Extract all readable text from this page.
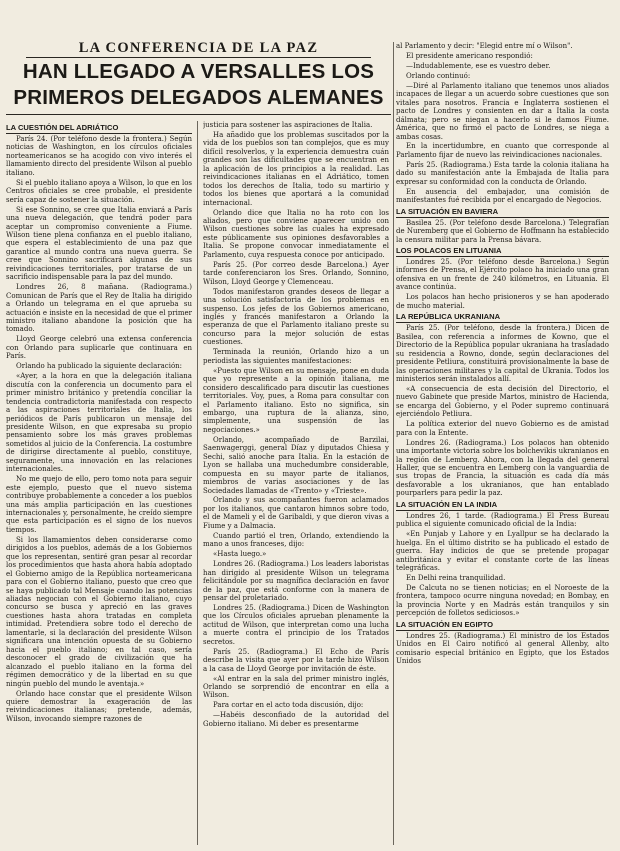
LA CONFERENCIA DE LA PAZ
HAN LLEGADO A VERSALLES LOS
PRIMEROS DELEGADOS ALEMANES
LA CUESTIÓN DEL ADRIÁTICO

París 24. (Por teléfono desde la frontera.) Según noticias de Washington, en los círculos oficiales norteamericanos se ha acogido con vivo interés el llamamiento directo del presidente Wilson al pueblo italiano.

Si el pueblo italiano apoya a Wilson, lo que en los Centros oficiales se cree probable, el presidente sería capaz de sostener la situación.

Si ese Sonnino, se cree que Italia enviará a París una nueva delegación, que tendrá poder para aceptar un compromiso conveniente a Fiume. Wilson tiene plena confianza en el pueblo italiano, que espera el establecimiento de una paz que garantice al mundo contra una nueva guerra. Se cree que Sonnino sacrificará algunas de sus reivindicaciones territoriales, por tratarse de un sacrificio indispensable para la paz del mundo.

Londres 26, 8 mañana. (Radiograma.) Comunican de París que el Rey de Italia ha dirigido a Orlando un telegrama en el que aprueba su actuación e insiste en la necesidad de que el primer ministro italiano abandone la posición que ha tomado.

Lloyd George celebró una extensa conferencia con Orlando para suplicarle que continuara en París.

Orlando ha publicado la siguiente declaración:

«Ayer, a la hora en que la delegación italiana discutía con la conferencia un documento para el primer ministro británico y pretendía conciliar la tendencia contradictoria manifestada con respecto a las aspiraciones territoriales de Italia, los periódicos de París publicaron un mensaje del presidente Wilson, en que expresaba su propio pensamiento sobre los más graves problemas sometidos al juicio de la Conferencia. La costumbre de dirigirse directamente al pueblo, constituye, seguramente, una innovación en las relaciones internacionales.

No me quejo de ello, pero tomo nota para seguir este ejemplo, puesto que el nuevo sistema contribuye probablemente a conceder a los pueblos una más amplia participación en las cuestiones internacionales y, personalmente, he creído siempre que esta participación es el signo de los nuevos tiempos.

Si los llamamientos deben considerarse como dirigidos a los pueblos, además de a los Gobiernos que los representan, sentiré gran pesar al recordar los procedimientos que hasta ahora había adoptado el Gobierno amigo de la República norteamericana para con el Gobierno italiano, puesto que creo que se haya publicado tal Mensaje cuando las potencias aliadas negocian con el Gobierno italiano, cuyo concurso se busca y apreció en las graves cuestiones hasta ahora tratadas en completa intimidad. Pretendiera sobre todo el derecho de lamentarle, si la declaración del presidente Wilson significara una intención opuesta de su Gobierno hacia el pueblo italiano; en tal caso, sería desconocer el grado de civilización que ha alcanzado el pueblo italiano en la forma del régimen democrático y de la libertad en su que ningún pueblo del mundo le aventaja.»

Orlando hace constar que el presidente Wilson quiere demostrar la exageración de las reivindicaciones italianas; pretende, además, Wilson, invocando siempre razones de

justicia para sostener las aspiraciones de Italia.

Ha añadido que los problemas suscitados por la vida de los pueblos son tan complejos, que es muy difícil resolverlos, y la experiencia demuestra cuán grandes son las dificultades que se encuentran en la aplicación de los principios a la realidad. Las reivindicaciones italianas en el Adriático, tomen todos los derechos de Italia, todo su martirio y todos los bienes que aportará a la comunidad internacional.

Orlando dice que Italia no ha roto con los aliados, pero que conviene aparecer unido con Wilson cuestiones sobre las cuales ha expresado este públicamente sus opiniones desfavorables a Italia. Se propone convocar inmediatamente el Parlamento, cuya respuesta conoce por anticipado.

París 25. (Por correo desde Barcelona.) Ayer tarde conferenciaron los Sres. Orlando, Sonnino, Wilson, Lloyd George y Clemenceau.

Todos manifestaron grandes deseos de llegar a una solución satisfactoria de los problemas en suspenso. Los jefes de los Gobiernos americano, inglés y francés manifestaron a Orlando la esperanza de que el Parlamento italiano preste su concurso para la mejor solución de estas cuestiones.

Terminada la reunión, Orlando hizo a un periodista las siguientes manifestaciones:

«Puesto que Wilson en su mensaje, pone en duda que yo represente a la opinión italiana, me considero descalificado para discutir las cuestiones territoriales. Voy, pues, a Roma para consultar con el Parlamento italiano. Esto no significa, sin embargo, una ruptura de la alianza, sino, simplemente, una suspensión de las negociaciones.»

Orlando, acompañado de Barzilai, Saenwagerggi, general Díaz y diputados Chiesa y Sechi, salió anoche para Italia. En la estación de Lyon se hallaba una muchedumbre considerable, compuesta en su mayor parte de italianos, miembros de varias asociaciones y de las Sociedades llamadas de «Trento» y «Trieste».

Orlando y sus acompañantes fueron aclamados por los italianos, que cantaron himnos sobre todo, el de Mameli y el de Garibaldi, y que dieron vivas a Fiume y a Dalmacia.

Cuando partió el tren, Orlando, extendiendo la mano a unos franceses, dijo:

«Hasta luego.»

Londres 26. (Radiograma.) Los leaders laboristas han dirigido al presidente Wilson un telegrama felicitándole por su magnífica declaración en favor de la paz, que está conforme con la manera de pensar del proletariado.

Londres 25. (Radiograma.) Dicen de Washington que los Círculos oficiales aprueban plenamente la actitud de Wilson, que interpretan como una lucha a muerte contra el principio de los Tratados secretos.

París 25. (Radiograma.) El Echo de París describe la visita que ayer por la tarde hizo Wilson a la casa de Lloyd George por invitación de éste.

«Al entrar en la sala del primer ministro inglés, Orlando se sorprendió de encontrar en ella a Wilson.

Para cortar en el acto toda discusión, dijo:

—Habéis desconfiado de la autoridad del Gobierno italiano. Mi deber es presentarme

al Parlamento y decir: "Elegid entre mí o Wilson".

El presidente americano respondió:

—Indudablemente, ese es vuestro deber.

Orlando continuó:

—Diré al Parlamento italiano que tenemos unos aliados incapaces de llegar a un acuerdo sobre cuestiones que son vitales para nosotros. Francia e Inglaterra sostienen el pacto de Londres y consienten en dar a Italia la costa dálmata; pero se niegan a hacerlo si le damos Fiume. América, que no firmó el pacto de Londres, se niega a ambas cosas.

En la incertidumbre, en cuanto que corresponde al Parlamento fijar de nuevo las reivindicaciones nacionales.

París 25. (Radiograma.) Esta tarde la colonia italiana ha dado su manifestación ante la Embajada de Italia para expresar su conformidad con la conducta de Orlando.

En ausencia del embajador, una comisión de manifestantes fué recibida por el encargado de Negocios.

LA SITUACIÓN EN BAVIERA

Basilea 25. (Por teléfono desde Barcelona.) Telegrafían de Nuremberg que el Gobierno de Hoffmann ha establecido la censura militar para la Prensa bávara.

LOS POLACOS EN LITUANIA

Londres 25. (Por teléfono desde Barcelona.) Según informes de Prensa, el Ejército polaco ha iniciado una gran ofensiva en un frente de 240 kilómetros, en Lituania. El avance continúa.

Los polacos han hecho prisioneros y se han apoderado de mucho material.

LA REPÚBLICA UKRANIANA

París 25. (Por teléfono, desde la frontera.) Dicen de Basilea, con referencia a informes de Kowno, que el Directorio de la República popular ukraniana ha trasladado su residencia a Rowno, donde, según declaraciones del presidente Petliura, constituirá provisionalmente la base de las operaciones militares y la capital de Ukrania. Todos los ministerios serán instalados allí.

«A consecuencia de esta decisión del Directorio, el nuevo Gabinete que preside Martos, ministro de Hacienda, se encarga del Gobierno, y el Poder supremo continuará ejerciéndolo Petliura.

La política exterior del nuevo Gobierno es de amistad para con la Entente.

Londres 26. (Radiograma.) Los polacos han obtenido una importante victoria sobre los bolchevikis ukranianos en la región de Lemberg. Ahora, con la llegada del general Haller, que se encuentra en Lemberg con la vanguardia de sus tropas de Francia, la situación es cada día más desfavorable a los ukranianos, que han entablado pourparlers para pedir la paz.

LA SITUACIÓN EN LA INDIA

Londres 26, 1 tarde. (Radiograma.) El Press Bureau publica el siguiente comunicado oficial de la India:

«En Punjab y Lahore y en Lyallpur se ha declarado la huelga. En el último distrito se ha publicado el estado de guerra. Hay indicios de que se pretende propagar antibritánica y evitar el constante corte de las líneas telegráficas.

En Delhi reina tranquilidad.

De Calcuta no se tienen noticias; en el Noroeste de la frontera, tampoco ocurre ninguna novedad; en Bombay, en la provincia Norte y en Madrás están tranquilos y sin percepción de folletos sediciosos.»

LA SITUACIÓN EN EGIPTO

Londres 25. (Radiograma.) El ministro de los Estados Unidos en El Cairo notificó al general Allenby, alto comisario especial británico en Egipto, que los Estados Unidos
